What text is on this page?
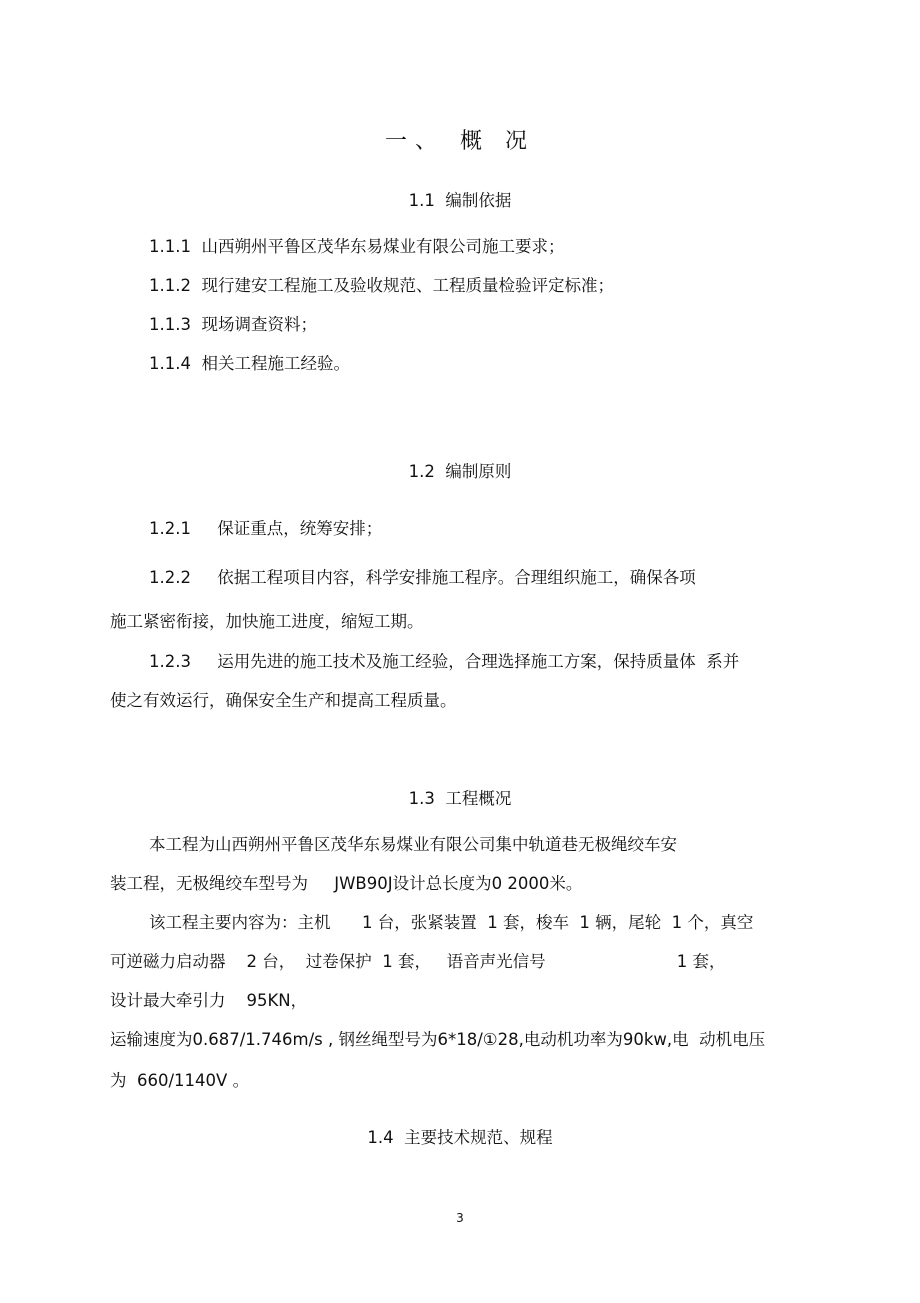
一、 概 况
1.1  编制依据
1.1.1  山西朔州平鲁区茂华东易煤业有限公司施工要求；
1.1.2  现行建安工程施工及验收规范、工程质量检验评定标准；
1.1.3  现场调查资料；
1.1.4  相关工程施工经验。
1.2  编制原则
1.2.1     保证重点，统筹安排；
1.2.2     依据工程项目内容，科学安排施工程序。合理组织施工，确保各项
施工紧密衔接，加快施工进度，缩短工期。
1.2.3     运用先进的施工技术及施工经验，合理选择施工方案，保持质量体  系并
使之有效运行，确保安全生产和提高工程质量。
1.3  工程概况
本工程为山西朔州平鲁区茂华东易煤业有限公司集中轨道巷无极绳绞车安
装工程，无极绳绞车型号为     JWB90J设计总长度为0 2000米。
该工程主要内容为：主机      1 台，张紧装置  1 套，梭车  1 辆，尾轮  1 个，真空
可逆磁力启动器    2 台，  过卷保护  1 套，   语音声光信号                         1 套，
设计最大牵引力    95KN，
运输速度为0.687/1.746m/s , 钢丝绳型号为6*18/①28,电动机功率为90kw,电  动机电压
为  660/1140V 。
1.4  主要技术规范、规程
3
